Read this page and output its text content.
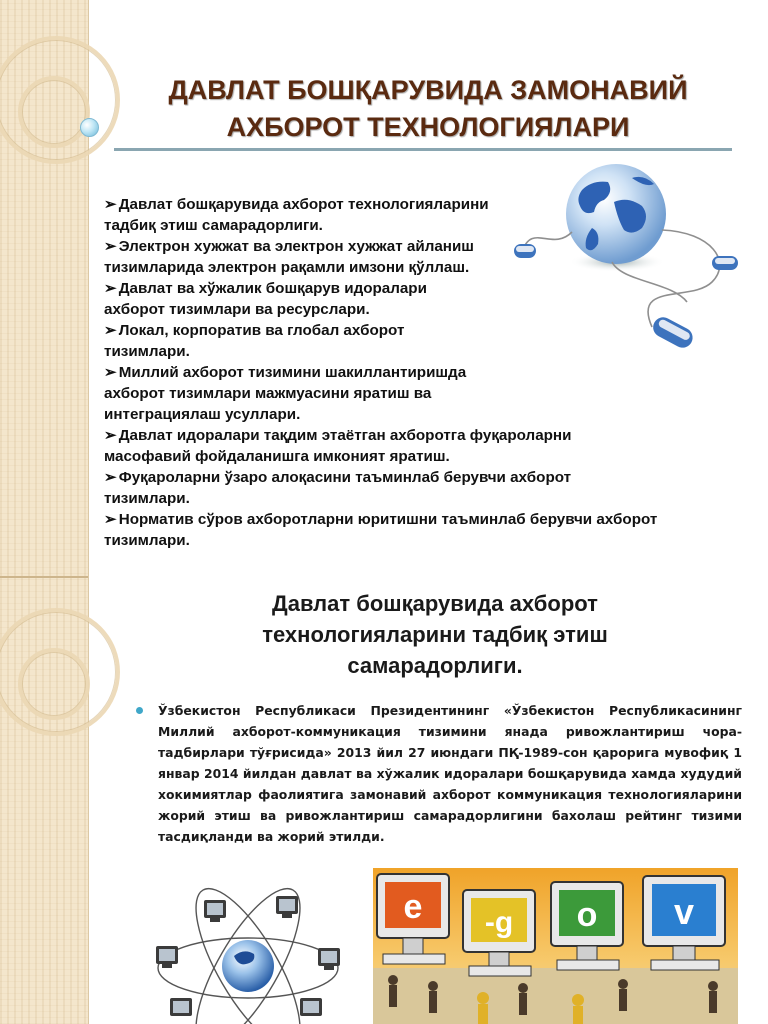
ДАВЛАТ БОШҚАРУВИДА ЗАМОНАВИЙ
АХБОРОТ ТЕХНОЛОГИЯЛАРИ
➢ Давлат бошқарувида ахборот технологияларини тадбиқ этиш самарадорлиги.
➢ Электрон хужжат ва электрон хужжат айланиш тизимларида электрон рақамли имзони қўллаш.
➢ Давлат ва хўжалик бошқарув идоралари ахборот тизимлари ва ресурслари.
➢ Локал, корпоратив ва глобал ахборот тизимлари.
➢ Миллий ахборот тизимини шакиллантиришда ахборот тизимлари мажмуасини яратиш ва интеграциялаш усуллари.
➢ Давлат идоралари тақдим этаётган ахборотга фуқароларни масофавий фойдаланишга имконият яратиш.
➢ Фуқароларни ўзаро алоқасини таъминлаб берувчи ахборот тизимлари.
➢ Норматив сўров ахборотларни юритишни таъминлаб берувчи ахборот тизимлари.
Давлат бошқарувида ахборот
технологияларини тадбиқ этиш
самарадорлиги.
Ўзбекистон Республикаси Президентининг «Ўзбекистон Республикасининг Миллий ахборот-коммуникация тизимини янада ривожлантириш чора-тадбирлари тўғрисида» 2013 йил 27 июндаги ПҚ-1989-сон қарорига мувофиқ 1 январ 2014 йилдан давлат ва хўжалик идоралари бошқарувида хамда худудий хокимиятлар фаолиятига замонавий ахборот коммуникация технологияларини жорий этиш ва ривожлантириш самарадорлигини бахолаш рейтинг тизими тасдиқланди ва жорий этилди.
e -g o v
